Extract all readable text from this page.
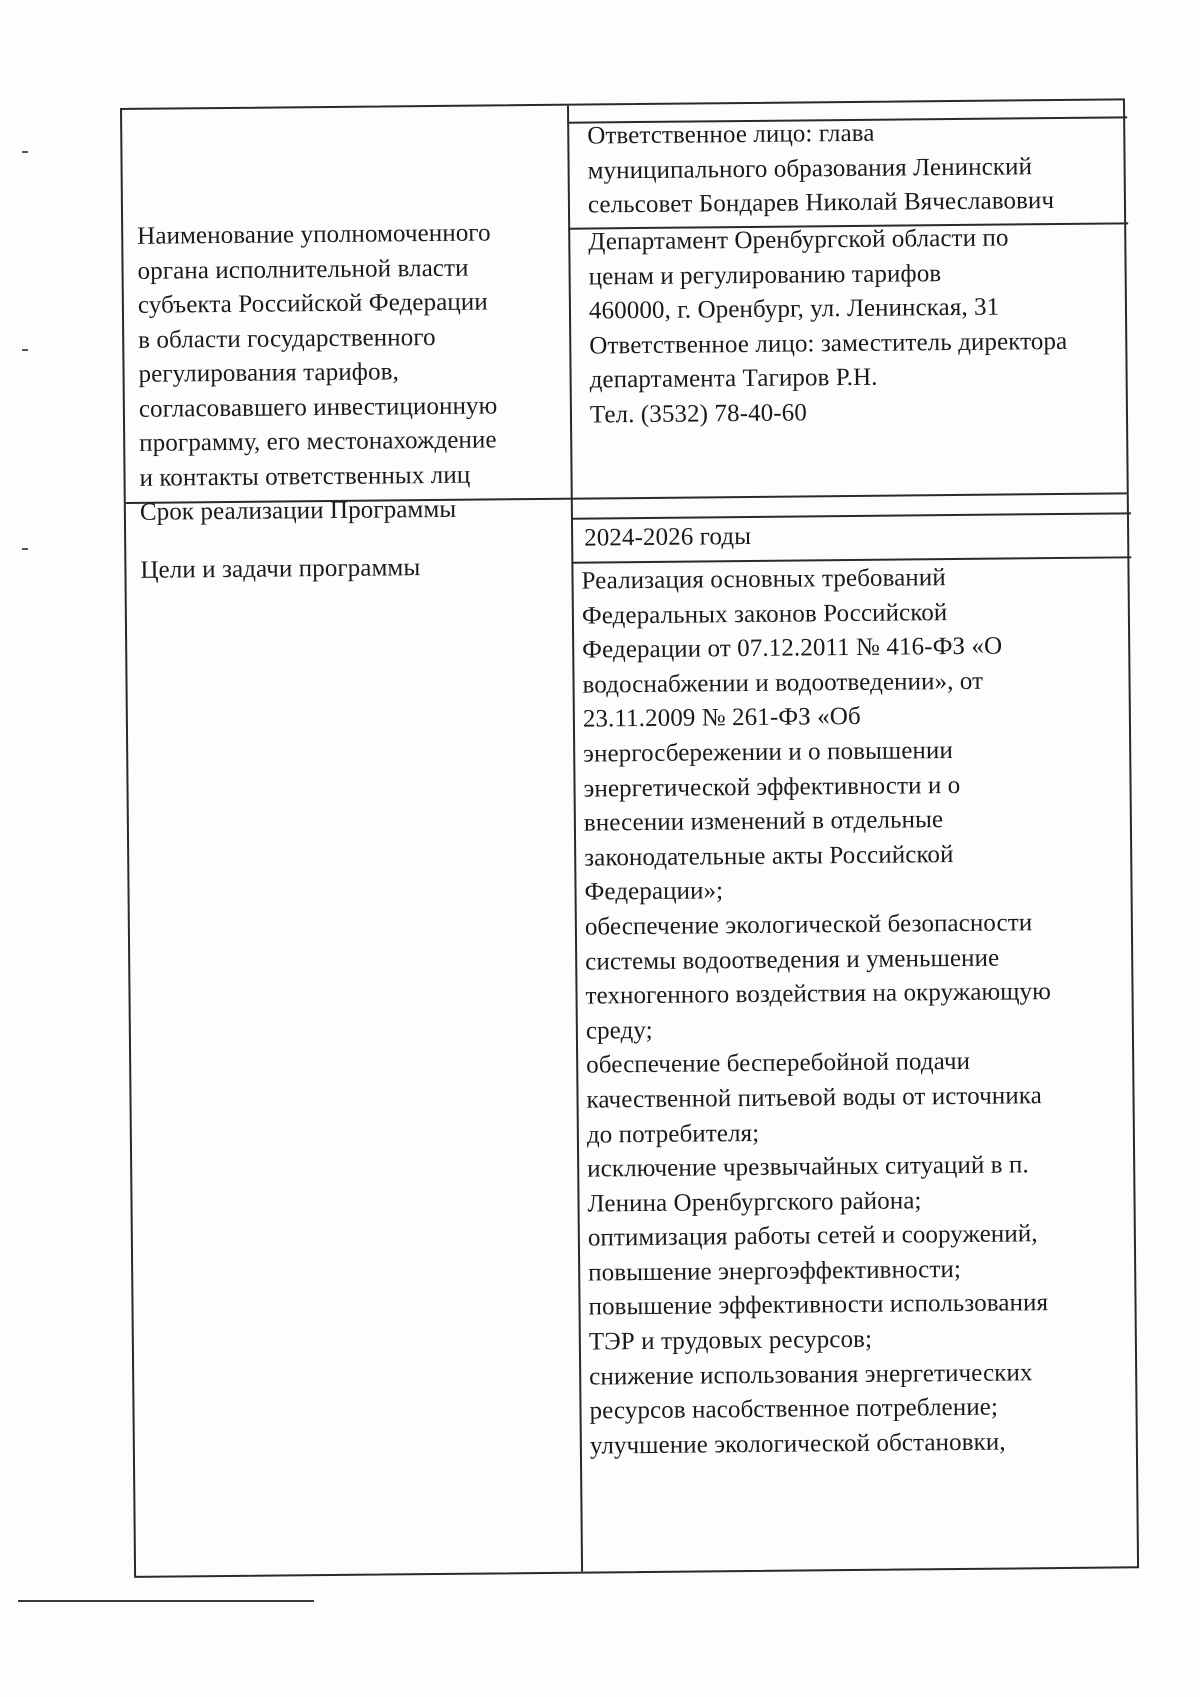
Ответственное лицо: глава
муниципального образования Ленинский
сельсовет Бондарев Николай Вячеславович
Наименование уполномоченного
органа исполнительной власти
субъекта Российской Федерации
в области государственного
регулирования тарифов,
согласовавшего инвестиционную
программу, его местонахождение
и контакты ответственных лиц
Департамент Оренбургской области по
ценам и регулированию тарифов
460000, г. Оренбург, ул. Ленинская, 31
Ответственное лицо: заместитель директора
департамента Тагиров Р.Н.
Тел. (3532) 78-40-60
Срок реализации Программы
2024-2026 годы
Цели и задачи программы	Реализация основных требований
Федеральных законов Российской
Федерации от 07.12.2011 № 416-ФЗ «О
водоснабжении и водоотведении», от
23.11.2009 № 261-ФЗ «Об
энергосбережении и о повышении
энергетической эффективности и о
внесении изменений в отдельные
законодательные акты Российской
Федерации»;
обеспечение экологической безопасности
системы водоотведения и уменьшение
техногенного воздействия на окружающую
среду;
обеспечение бесперебойной подачи
качественной питьевой воды от источника
до потребителя;
исключение чрезвычайных ситуаций в п.
Ленина Оренбургского района;
оптимизация работы сетей и сооружений,
повышение энергоэффективности;
повышение эффективности использования
ТЭР и трудовых ресурсов;
снижение использования энергетических
ресурсов насобственное потребление;
улучшение экологической обстановки,
